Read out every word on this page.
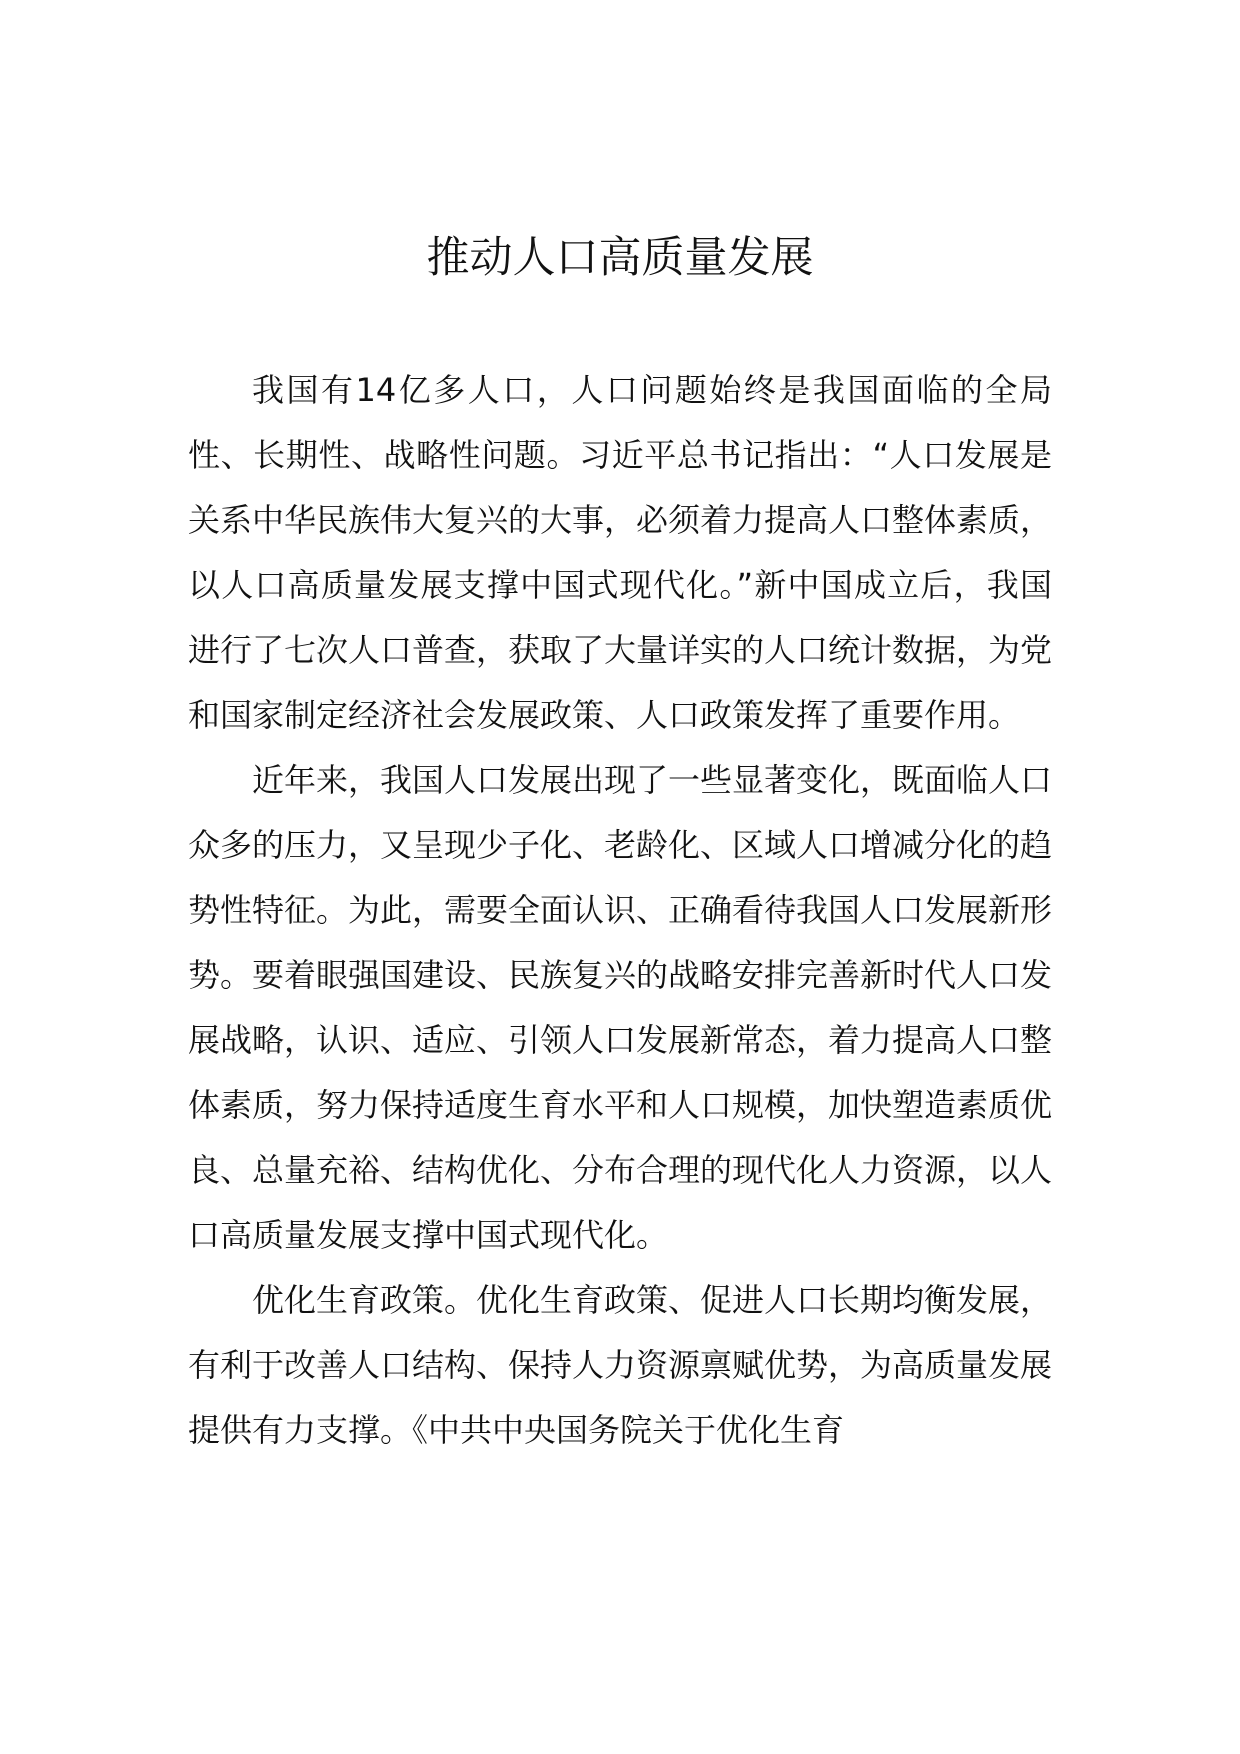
推动人口高质量发展

我国有14亿多人口，人口问题始终是我国面临的全局性、长期性、战略性问题。习近平总书记指出：“人口发展是关系中华民族伟大复兴的大事，必须着力提高人口整体素质，以人口高质量发展支撑中国式现代化。”新中国成立后，我国进行了七次人口普查，获取了大量详实的人口统计数据，为党和国家制定经济社会发展政策、人口政策发挥了重要作用。

近年来，我国人口发展出现了一些显著变化，既面临人口众多的压力，又呈现少子化、老龄化、区域人口增减分化的趋势性特征。为此，需要全面认识、正确看待我国人口发展新形势。要着眼强国建设、民族复兴的战略安排完善新时代人口发展战略，认识、适应、引领人口发展新常态，着力提高人口整体素质，努力保持适度生育水平和人口规模，加快塑造素质优良、总量充裕、结构优化、分布合理的现代化人力资源，以人口高质量发展支撑中国式现代化。

优化生育政策。优化生育政策、促进人口长期均衡发展，有利于改善人口结构、保持人力资源禀赋优势，为高质量发展提供有力支撑。《中共中央国务院关于优化生育
